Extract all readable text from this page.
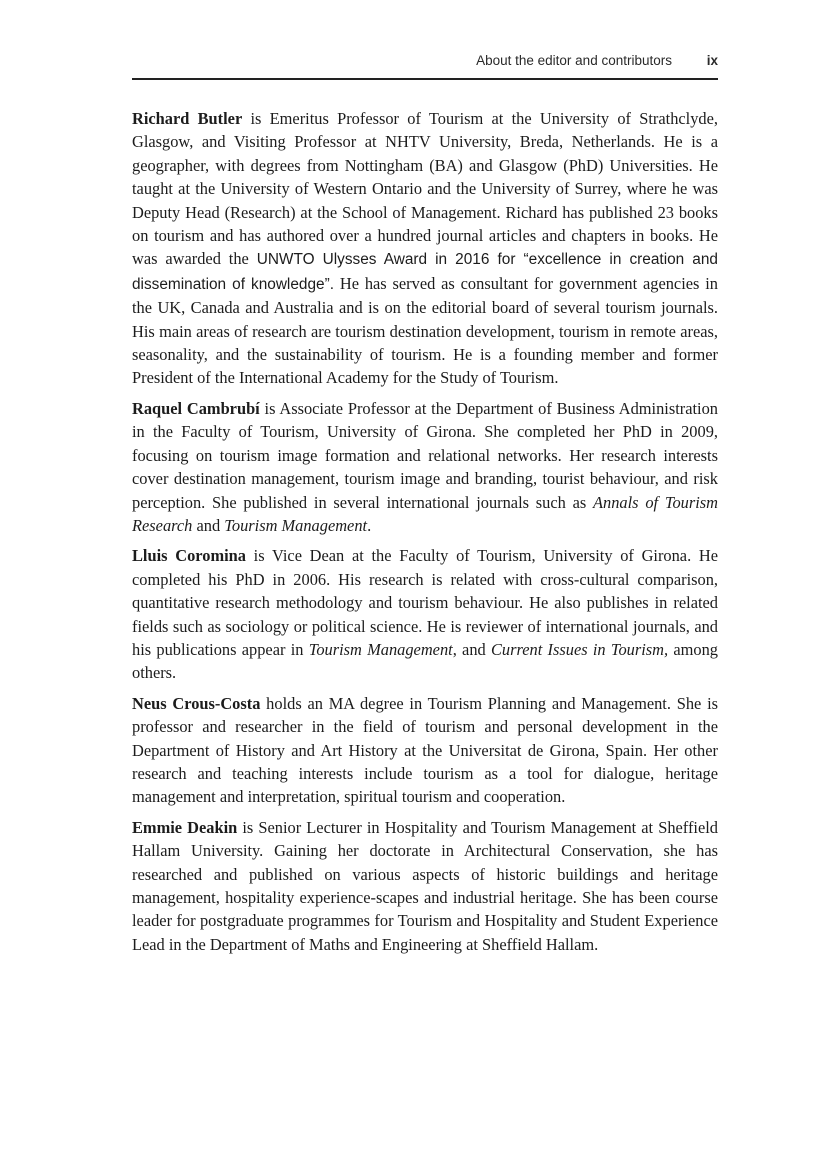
About the editor and contributors	ix

Richard Butler is Emeritus Professor of Tourism at the University of Strathclyde, Glasgow, and Visiting Professor at NHTV University, Breda, Netherlands. He is a geographer, with degrees from Nottingham (BA) and Glasgow (PhD) Universities. He taught at the University of Western Ontario and the University of Surrey, where he was Deputy Head (Research) at the School of Management. Richard has published 23 books on tourism and has authored over a hundred journal articles and chapters in books. He was awarded the UNWTO Ulysses Award in 2016 for “excellence in creation and dissemination of knowledge”. He has served as consultant for government agencies in the UK, Canada and Australia and is on the editorial board of several tourism journals. His main areas of research are tourism destination development, tourism in remote areas, seasonality, and the sustainability of tourism. He is a founding member and former President of the International Academy for the Study of Tourism.

Raquel Cambrubí is Associate Professor at the Department of Business Administration in the Faculty of Tourism, University of Girona. She completed her PhD in 2009, focusing on tourism image formation and relational networks. Her research interests cover destination management, tourism image and branding, tourist behaviour, and risk perception. She published in several international journals such as Annals of Tourism Research and Tourism Management.

Lluis Coromina is Vice Dean at the Faculty of Tourism, University of Girona. He completed his PhD in 2006. His research is related with cross-cultural comparison, quantitative research methodology and tourism behaviour. He also publishes in related fields such as sociology or political science. He is reviewer of international journals, and his publications appear in Tourism Management, and Current Issues in Tourism, among others.

Neus Crous-Costa holds an MA degree in Tourism Planning and Management. She is professor and researcher in the field of tourism and personal development in the Department of History and Art History at the Universitat de Girona, Spain. Her other research and teaching interests include tourism as a tool for dialogue, heritage management and interpretation, spiritual tourism and cooperation.

Emmie Deakin is Senior Lecturer in Hospitality and Tourism Management at Sheffield Hallam University. Gaining her doctorate in Architectural Conservation, she has researched and published on various aspects of historic buildings and heritage management, hospitality experience-scapes and industrial heritage. She has been course leader for postgraduate programmes for Tourism and Hospitality and Student Experience Lead in the Department of Maths and Engineering at Sheffield Hallam.
